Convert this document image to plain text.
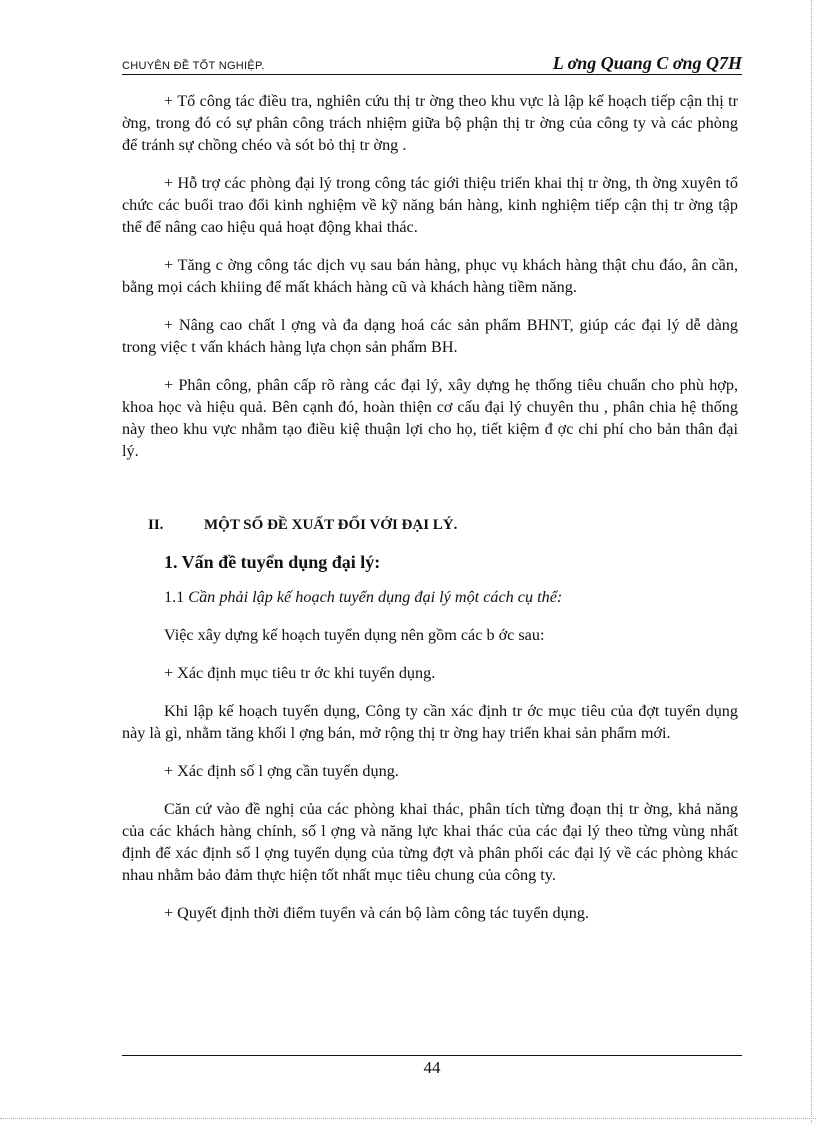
CHUYÊN ĐỀ TỐT NGHIỆP.	L ơng Quang C ơng Q7H

+ Tổ công tác điều tra, nghiên cứu thị tr ờng theo khu vực là lập kế hoạch tiếp cận thị tr ờng, trong đó có sự phân công trách nhiệm giữa bộ phận thị tr ờng của công ty và các phòng để tránh sự chồng chéo và sót bỏ thị tr ờng .

+ Hỗ trợ các phòng đại lý trong công tác giới thiệu triển khai thị tr ờng, th ờng xuyên tổ chức các buổi trao đổi kinh nghiệm về kỹ năng bán hàng, kinh nghiệm tiếp cận thị tr ờng tập thể để nâng cao hiệu quả hoạt động khai thác.

+ Tăng c ờng công tác dịch vụ sau bán hàng, phục vụ khách hàng thật chu đáo, ân cần, bằng mọi cách khiing để mất khách hàng cũ và khách hàng tiềm năng.

+ Nâng cao chất l ợng và đa dạng hoá các sản phẩm BHNT, giúp các đại lý dễ dàng trong việc t vấn khách hàng lựa chọn sản phẩm BH.

+ Phân công, phân cấp rõ ràng các đại lý, xây dựng hẹ thống tiêu chuẩn cho phù hợp, khoa học và hiệu quả. Bên cạnh đó, hoàn thiện cơ cấu đại lý chuyên thu , phân chia hệ thống này theo khu vực nhằm tạo điều kiệ thuận lợi cho họ, tiết kiệm đ ợc chi phí cho bản thân đại lý.

II.	MỘT SỐ ĐỀ XUẤT ĐỐI VỚI ĐẠI LÝ.
1. Vấn đề tuyển dụng đại lý:
1.1 Cần phải lập kế hoạch tuyển dụng đại lý một cách cụ thể:
Việc xây dựng kế hoạch tuyển dụng nên gồm các b ớc sau:
+ Xác định mục tiêu tr ớc khi tuyển dụng.

Khi lập kế hoạch tuyển dụng, Công ty cần xác định tr ớc mục tiêu của đợt tuyển dụng này là gì, nhằm tăng khối l ợng bán, mở rộng thị tr ờng hay triển khai sản phẩm mới.

+ Xác định số l ợng cần tuyển dụng.

Căn cứ vào đề nghị của các phòng khai thác, phân tích từng đoạn thị tr ờng, khả năng của các khách hàng chính, số l ợng và năng lực khai thác của các đại lý theo từng vùng nhất định để xác định số l ợng tuyển dụng của từng đợt và phân phối các đại lý về các phòng khác nhau nhằm bảo đảm thực hiện tốt nhất mục tiêu chung của công ty.

+ Quyết định thời điểm tuyển và cán bộ làm công tác tuyển dụng.
44
